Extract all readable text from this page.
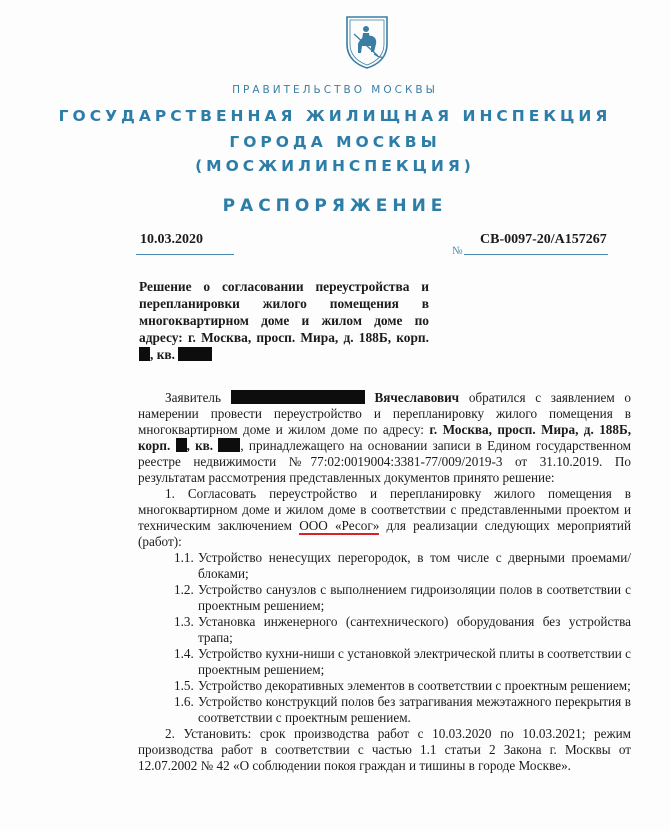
ПРАВИТЕЛЬСТВО МОСКВЫ
ГОСУДАРСТВЕННАЯ ЖИЛИЩНАЯ ИНСПЕКЦИЯ
ГОРОДА МОСКВЫ
(МОСЖИЛИНСПЕКЦИЯ)
РАСПОРЯЖЕНИЕ
10.03.2020
№
СВ-0097-20/А157267
Решение о согласовании переустройства и перепланировки жилого помещения в многоквартирном доме и жилом доме по адресу: г. Москва, просп. Мира, д. 188Б, корп. , кв.

Заявитель	Вячеславович обратился с заявлением о намерении провести переустройство и перепланировку жилого помещения в многоквартирном доме и жилом доме по адресу: г. Москва, просп. Мира, д. 188Б, корп. , кв. , принадлежащего на основании записи в Едином государственном реестре недвижимости №77:02:0019004:3381-77/009/2019-3 от 31.10.2019. По результатам рассмотрения представленных документов принято решение:

1. Согласовать переустройство и перепланировку жилого помещения в многоквартирном доме и жилом доме в соответствии с представленными проектом и техническим заключением ООО «Ресог» для реализации следующих мероприятий (работ):

1.1. Устройство ненесущих перегородок, в том числе с дверными проемами/блоками;
1.2. Устройство санузлов с выполнением гидроизоляции полов в соответствии с проектным решением;
1.3. Установка инженерного (сантехнического) оборудования без устройства трапа;
1.4. Устройство кухни-ниши с установкой электрической плиты в соответствии с проектным решением;
1.5. Устройство декоративных элементов в соответствии с проектным решением;
1.6. Устройство конструкций полов без затрагивания межэтажного перекрытия в соответствии с проектным решением.

2. Установить: срок производства работ с 10.03.2020 по 10.03.2021; режим производства работ в соответствии с частью 1.1 статьи 2 Закона г. Москвы от 12.07.2002 № 42 «О соблюдении покоя граждан и тишины в городе Москве».
